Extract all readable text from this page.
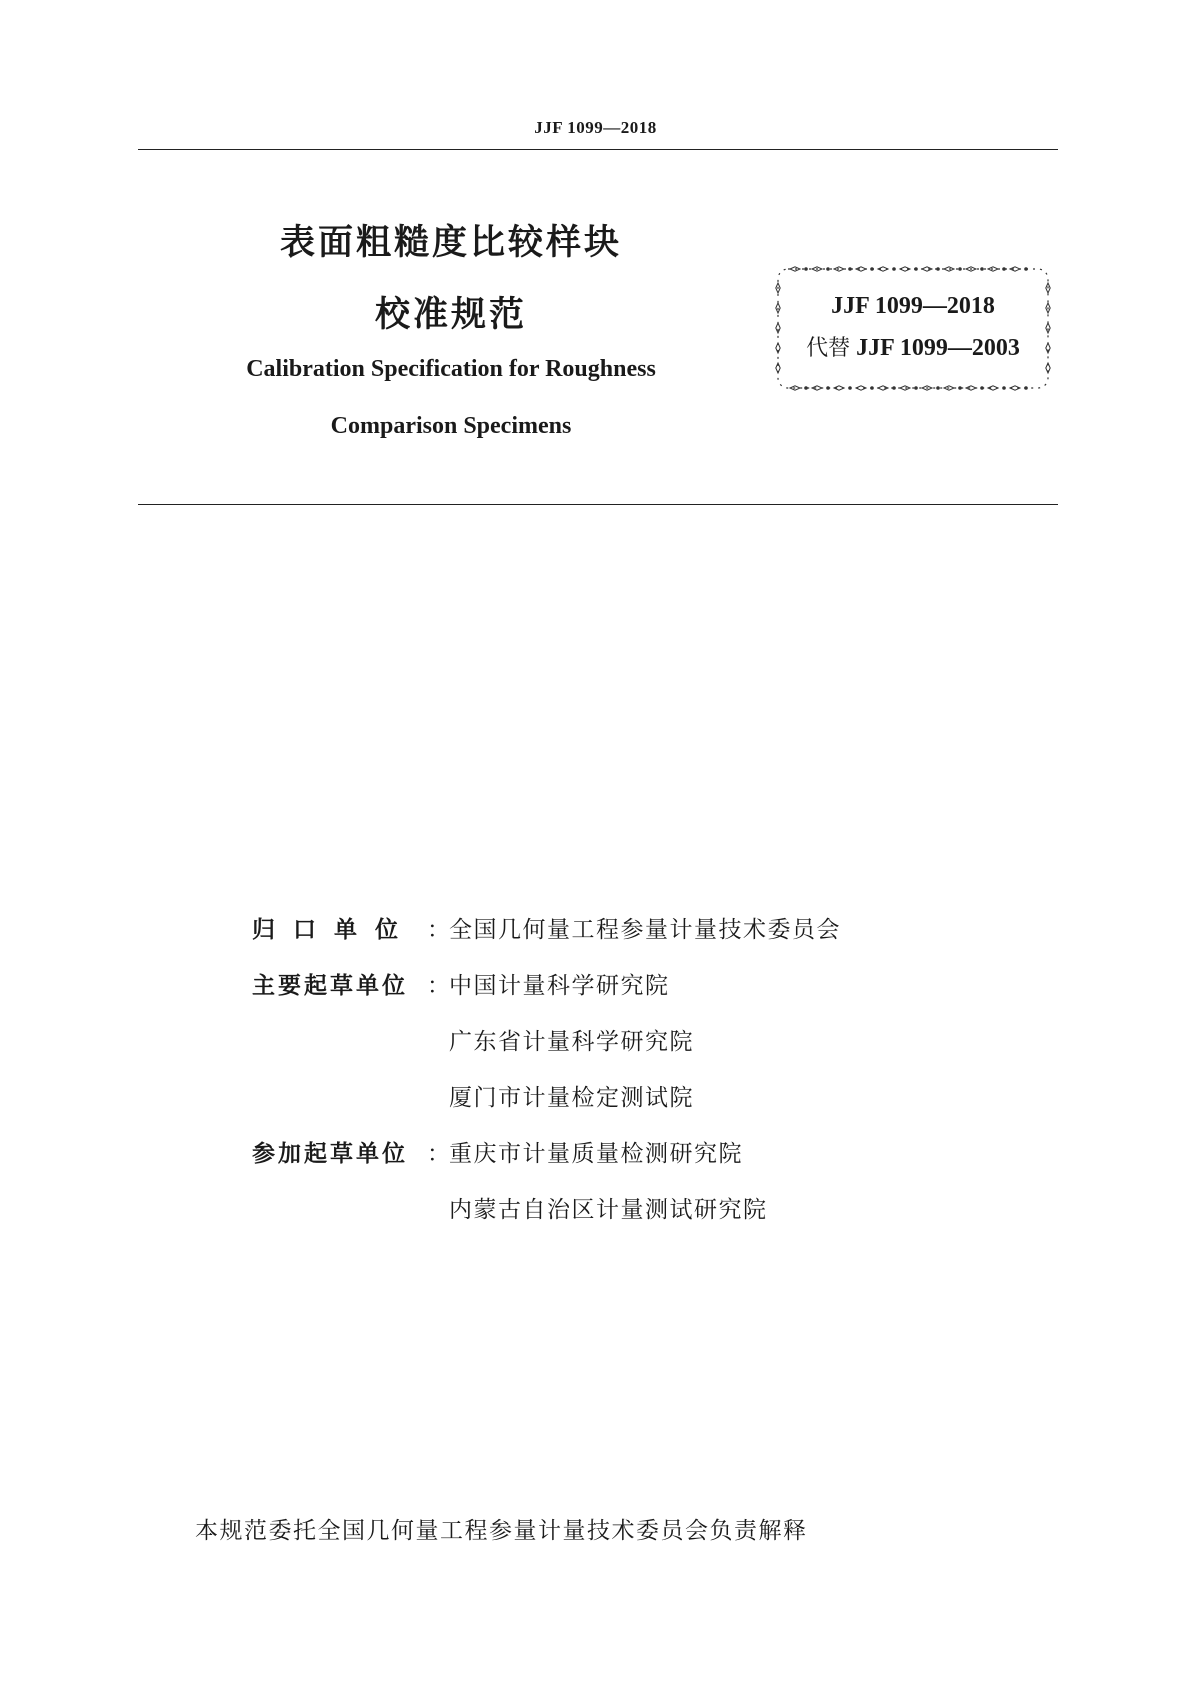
JJF 1099—2018
表面粗糙度比较样块
校准规范
Calibration Specification for Roughness
Comparison Specimens
JJF 1099—2018
代替 JJF 1099—2003
归口单位 ： 全国几何量工程参量计量技术委员会
主要起草单位 ： 中国计量科学研究院
广东省计量科学研究院
厦门市计量检定测试院
参加起草单位 ： 重庆市计量质量检测研究院
内蒙古自治区计量测试研究院
本规范委托全国几何量工程参量计量技术委员会负责解释
